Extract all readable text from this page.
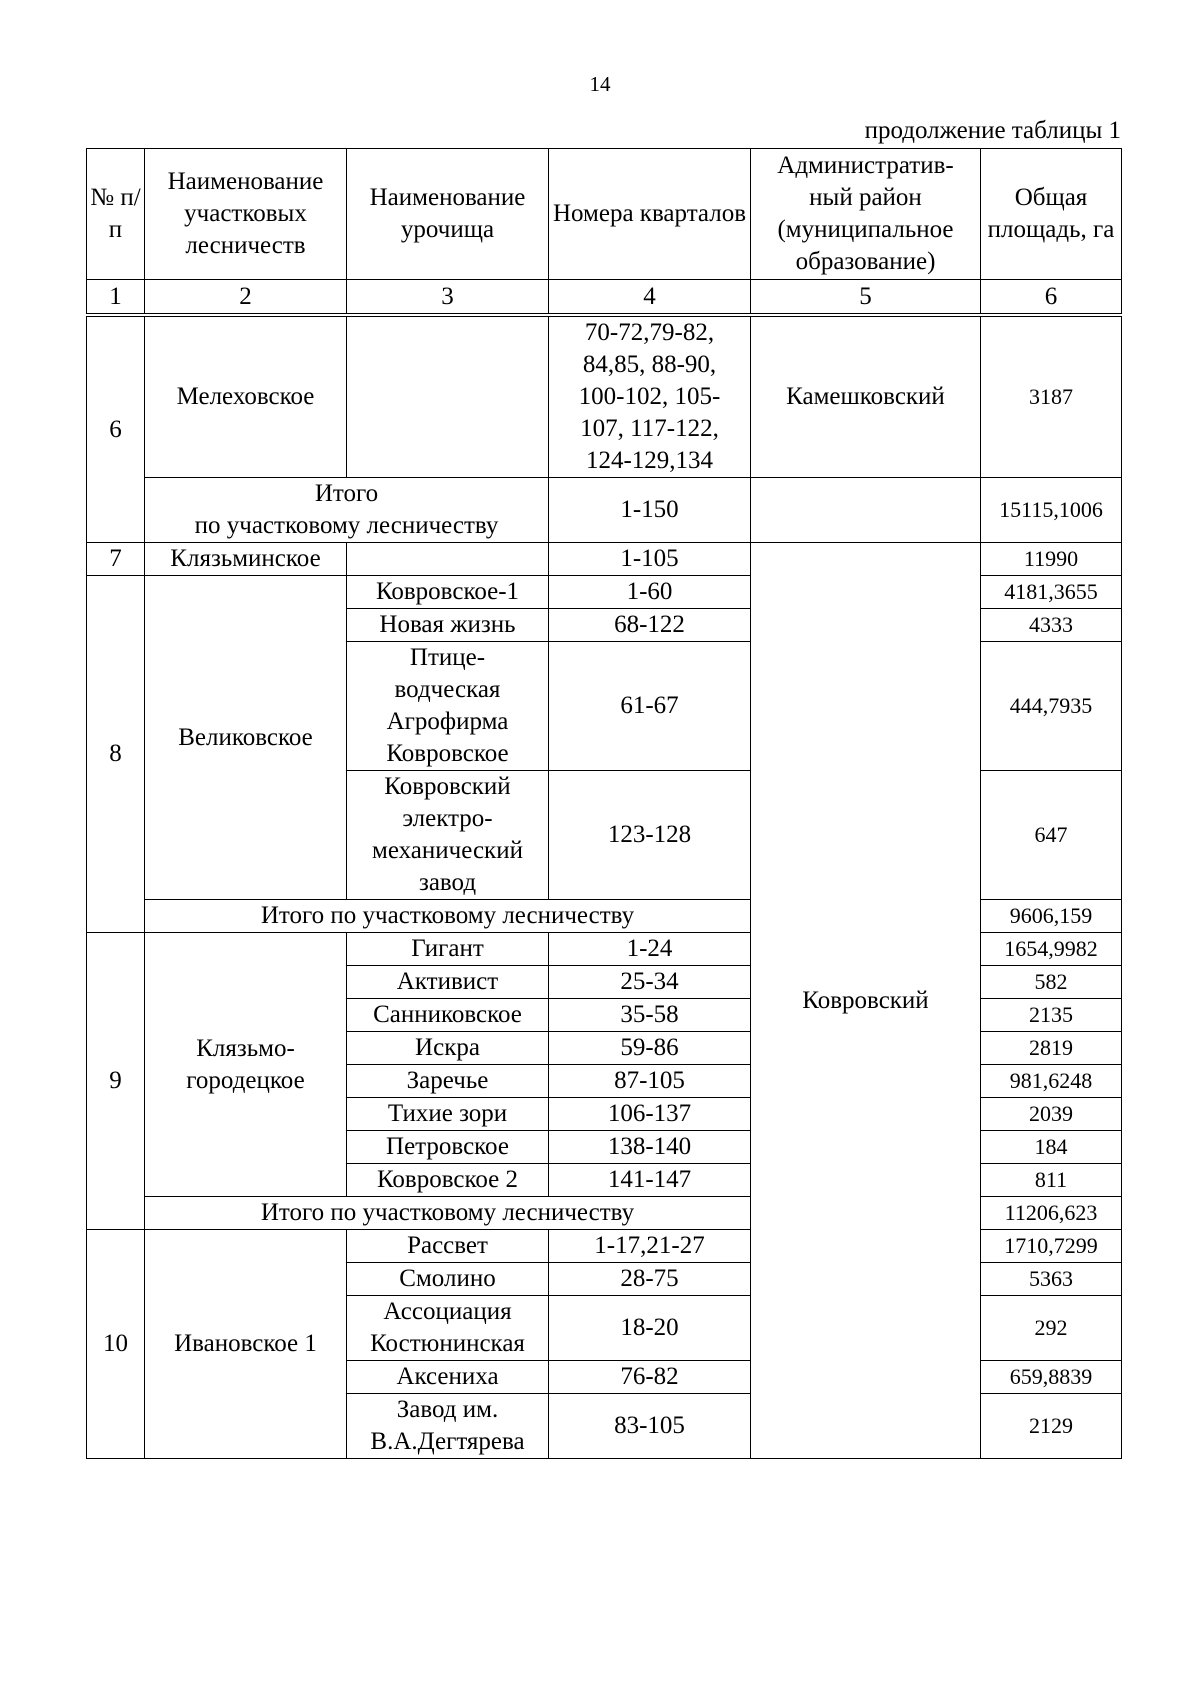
14
продолжение таблицы 1
№ п/п	Наименование участковых лесничеств	Наименование урочища	Номера кварталов	Административ- ный район (муниципальное образование)	Общая площадь, га
1	2	3	4	5	6
6	Мелеховское		70-72,79-82,
84,85, 88-90,
100-102, 105-
107, 117-122,
124-129,134	Камешковский	3187
	Итого
по участковому лесничеству		1-150		15115,1006
7	Клязьминское		1-105	Ковровский	11990
8	Великовское	Ковровское-1	1-60		4181,3655
		Новая жизнь	68-122		4333
		Птице-
водческая
Агрофирма
Ковровское	61-67		444,7935
		Ковровский
электро-
механический
завод	123-128		647
	Итого по участковому лесничеству				9606,159
9	Клязьмо-
городецкое	Гигант	1-24		1654,9982
		Активист	25-34		582
		Санниковское	35-58		2135
		Искра	59-86		2819
		Заречье	87-105		981,6248
		Тихие зори	106-137		2039
		Петровское	138-140		184
		Ковровское 2	141-147		811
	Итого по участковому лесничеству				11206,623
10	Ивановское 1	Рассвет	1-17,21-27		1710,7299
		Смолино	28-75		5363
		Ассоциация
Костюнинская	18-20		292
		Аксениха	76-82		659,8839
		Завод им.
В.А.Дегтярева	83-105		2129
